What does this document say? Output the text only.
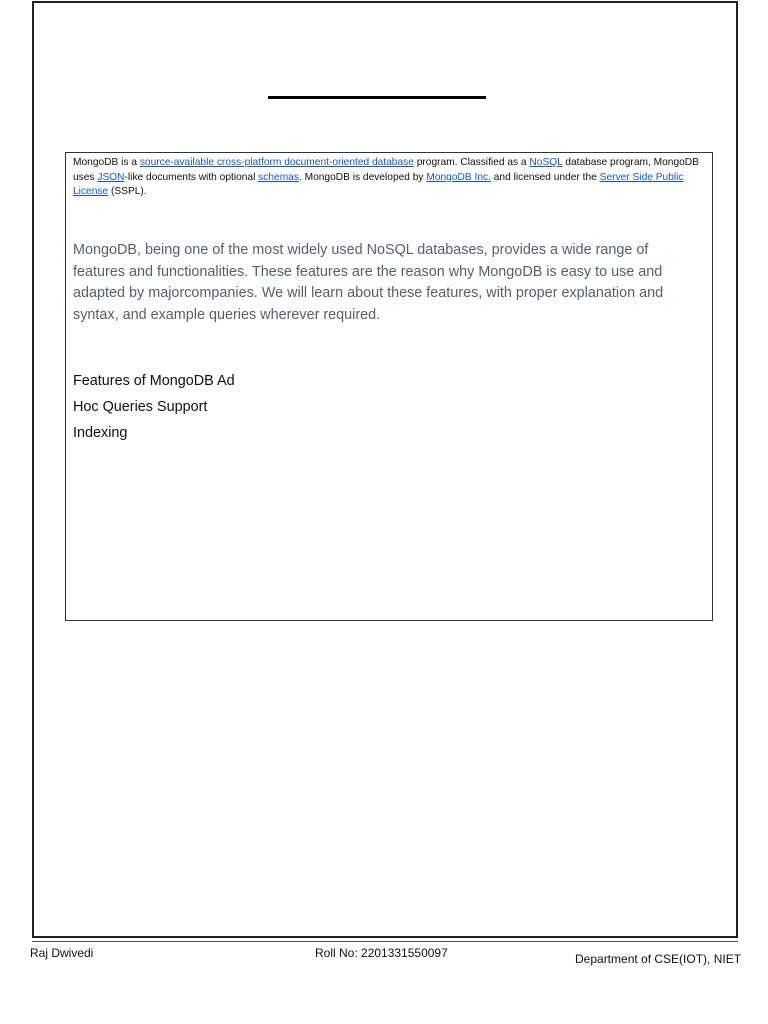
MongoDB is a source-available cross-platform document-oriented database program. Classified as a NoSQL database program, MongoDB uses JSON-like documents with optional schemas. MongoDB is developed by MongoDB Inc. and licensed under the Server Side Public License (SSPL).

MongoDB, being one of the most widely used NoSQL databases, provides a wide range of features and functionalities. These features are the reason why MongoDB is easy to use and adapted by majorcompanies. We will learn about these features, with proper explanation and syntax, and example queries wherever required.

Features of MongoDB Ad
Hoc Queries Support
Indexing
Raj Dwivedi	Roll No: 2201331550097	Department of CSE(IOT), NIET
